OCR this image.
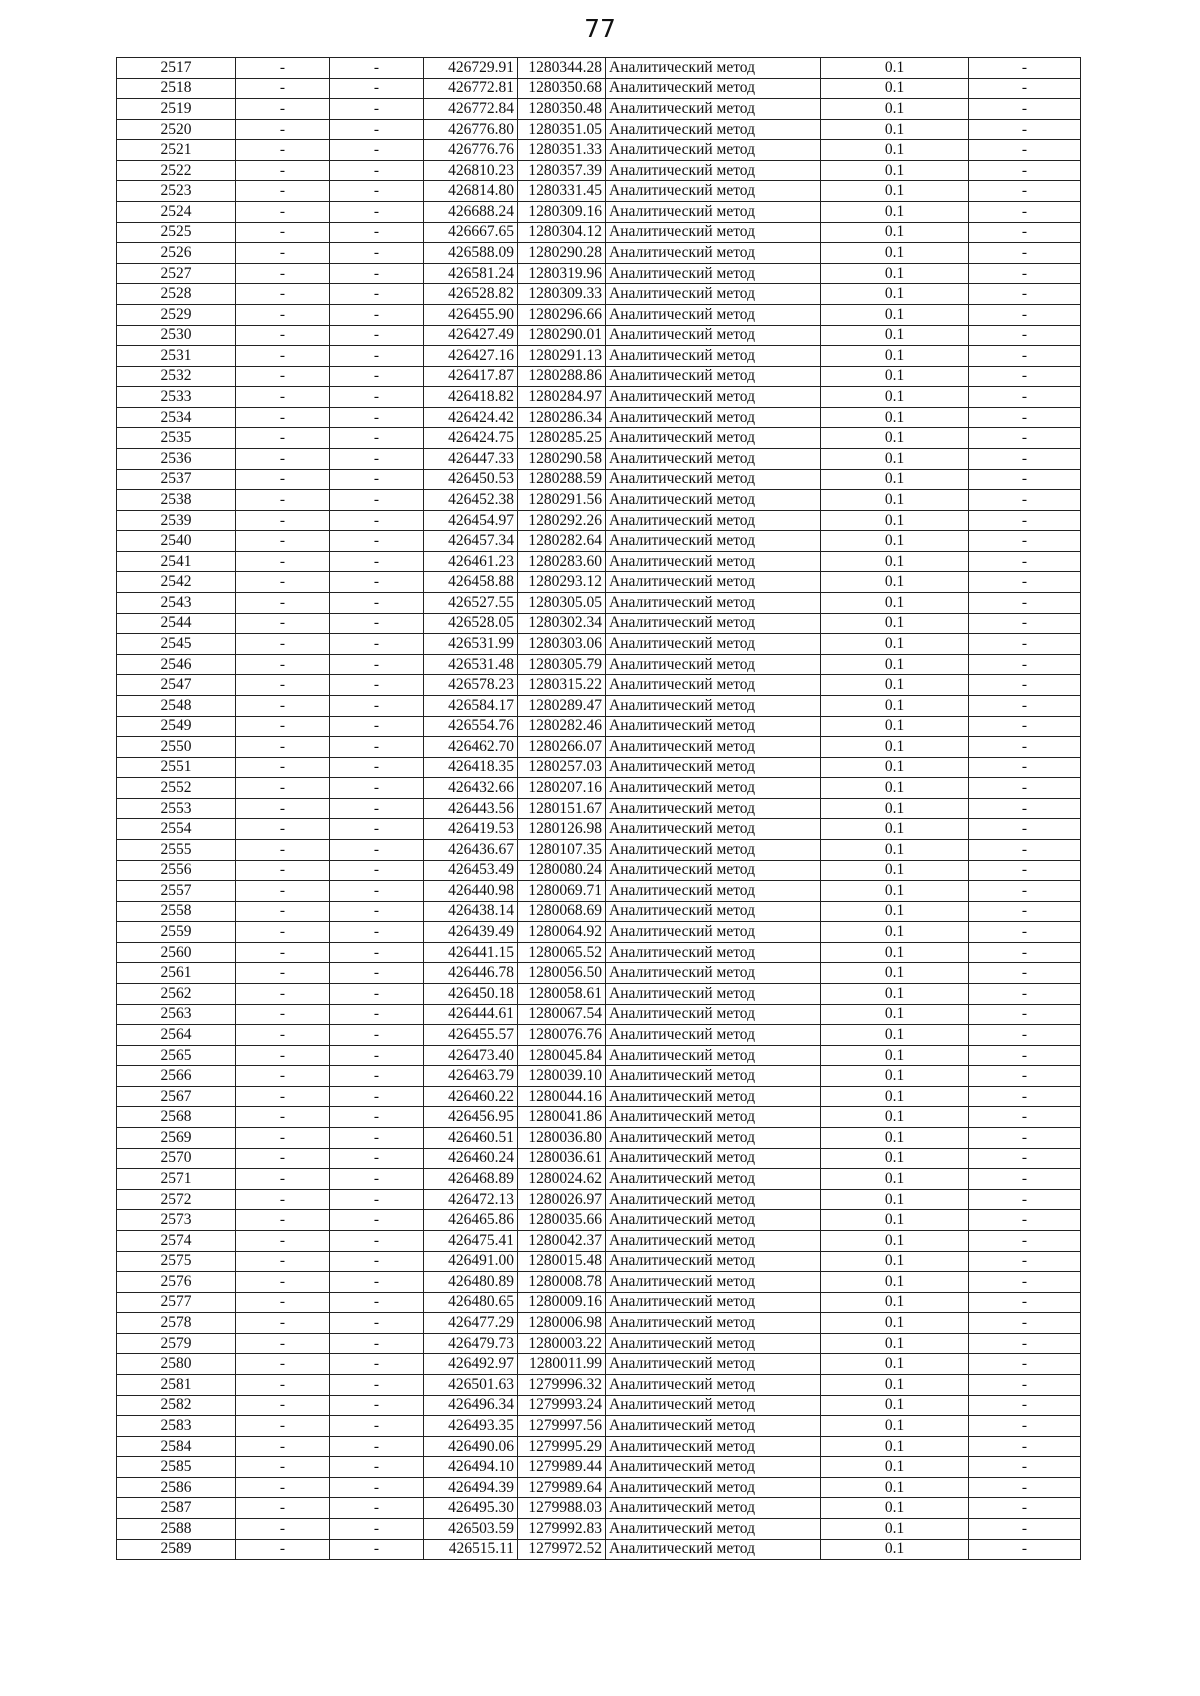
77
2517	-	-	426729.91	1280344.28	Аналитический метод	0.1	-
2518	-	-	426772.81	1280350.68	Аналитический метод	0.1	-
2519	-	-	426772.84	1280350.48	Аналитический метод	0.1	-
2520	-	-	426776.80	1280351.05	Аналитический метод	0.1	-
2521	-	-	426776.76	1280351.33	Аналитический метод	0.1	-
2522	-	-	426810.23	1280357.39	Аналитический метод	0.1	-
2523	-	-	426814.80	1280331.45	Аналитический метод	0.1	-
2524	-	-	426688.24	1280309.16	Аналитический метод	0.1	-
2525	-	-	426667.65	1280304.12	Аналитический метод	0.1	-
2526	-	-	426588.09	1280290.28	Аналитический метод	0.1	-
2527	-	-	426581.24	1280319.96	Аналитический метод	0.1	-
2528	-	-	426528.82	1280309.33	Аналитический метод	0.1	-
2529	-	-	426455.90	1280296.66	Аналитический метод	0.1	-
2530	-	-	426427.49	1280290.01	Аналитический метод	0.1	-
2531	-	-	426427.16	1280291.13	Аналитический метод	0.1	-
2532	-	-	426417.87	1280288.86	Аналитический метод	0.1	-
2533	-	-	426418.82	1280284.97	Аналитический метод	0.1	-
2534	-	-	426424.42	1280286.34	Аналитический метод	0.1	-
2535	-	-	426424.75	1280285.25	Аналитический метод	0.1	-
2536	-	-	426447.33	1280290.58	Аналитический метод	0.1	-
2537	-	-	426450.53	1280288.59	Аналитический метод	0.1	-
2538	-	-	426452.38	1280291.56	Аналитический метод	0.1	-
2539	-	-	426454.97	1280292.26	Аналитический метод	0.1	-
2540	-	-	426457.34	1280282.64	Аналитический метод	0.1	-
2541	-	-	426461.23	1280283.60	Аналитический метод	0.1	-
2542	-	-	426458.88	1280293.12	Аналитический метод	0.1	-
2543	-	-	426527.55	1280305.05	Аналитический метод	0.1	-
2544	-	-	426528.05	1280302.34	Аналитический метод	0.1	-
2545	-	-	426531.99	1280303.06	Аналитический метод	0.1	-
2546	-	-	426531.48	1280305.79	Аналитический метод	0.1	-
2547	-	-	426578.23	1280315.22	Аналитический метод	0.1	-
2548	-	-	426584.17	1280289.47	Аналитический метод	0.1	-
2549	-	-	426554.76	1280282.46	Аналитический метод	0.1	-
2550	-	-	426462.70	1280266.07	Аналитический метод	0.1	-
2551	-	-	426418.35	1280257.03	Аналитический метод	0.1	-
2552	-	-	426432.66	1280207.16	Аналитический метод	0.1	-
2553	-	-	426443.56	1280151.67	Аналитический метод	0.1	-
2554	-	-	426419.53	1280126.98	Аналитический метод	0.1	-
2555	-	-	426436.67	1280107.35	Аналитический метод	0.1	-
2556	-	-	426453.49	1280080.24	Аналитический метод	0.1	-
2557	-	-	426440.98	1280069.71	Аналитический метод	0.1	-
2558	-	-	426438.14	1280068.69	Аналитический метод	0.1	-
2559	-	-	426439.49	1280064.92	Аналитический метод	0.1	-
2560	-	-	426441.15	1280065.52	Аналитический метод	0.1	-
2561	-	-	426446.78	1280056.50	Аналитический метод	0.1	-
2562	-	-	426450.18	1280058.61	Аналитический метод	0.1	-
2563	-	-	426444.61	1280067.54	Аналитический метод	0.1	-
2564	-	-	426455.57	1280076.76	Аналитический метод	0.1	-
2565	-	-	426473.40	1280045.84	Аналитический метод	0.1	-
2566	-	-	426463.79	1280039.10	Аналитический метод	0.1	-
2567	-	-	426460.22	1280044.16	Аналитический метод	0.1	-
2568	-	-	426456.95	1280041.86	Аналитический метод	0.1	-
2569	-	-	426460.51	1280036.80	Аналитический метод	0.1	-
2570	-	-	426460.24	1280036.61	Аналитический метод	0.1	-
2571	-	-	426468.89	1280024.62	Аналитический метод	0.1	-
2572	-	-	426472.13	1280026.97	Аналитический метод	0.1	-
2573	-	-	426465.86	1280035.66	Аналитический метод	0.1	-
2574	-	-	426475.41	1280042.37	Аналитический метод	0.1	-
2575	-	-	426491.00	1280015.48	Аналитический метод	0.1	-
2576	-	-	426480.89	1280008.78	Аналитический метод	0.1	-
2577	-	-	426480.65	1280009.16	Аналитический метод	0.1	-
2578	-	-	426477.29	1280006.98	Аналитический метод	0.1	-
2579	-	-	426479.73	1280003.22	Аналитический метод	0.1	-
2580	-	-	426492.97	1280011.99	Аналитический метод	0.1	-
2581	-	-	426501.63	1279996.32	Аналитический метод	0.1	-
2582	-	-	426496.34	1279993.24	Аналитический метод	0.1	-
2583	-	-	426493.35	1279997.56	Аналитический метод	0.1	-
2584	-	-	426490.06	1279995.29	Аналитический метод	0.1	-
2585	-	-	426494.10	1279989.44	Аналитический метод	0.1	-
2586	-	-	426494.39	1279989.64	Аналитический метод	0.1	-
2587	-	-	426495.30	1279988.03	Аналитический метод	0.1	-
2588	-	-	426503.59	1279992.83	Аналитический метод	0.1	-
2589	-	-	426515.11	1279972.52	Аналитический метод	0.1	-
